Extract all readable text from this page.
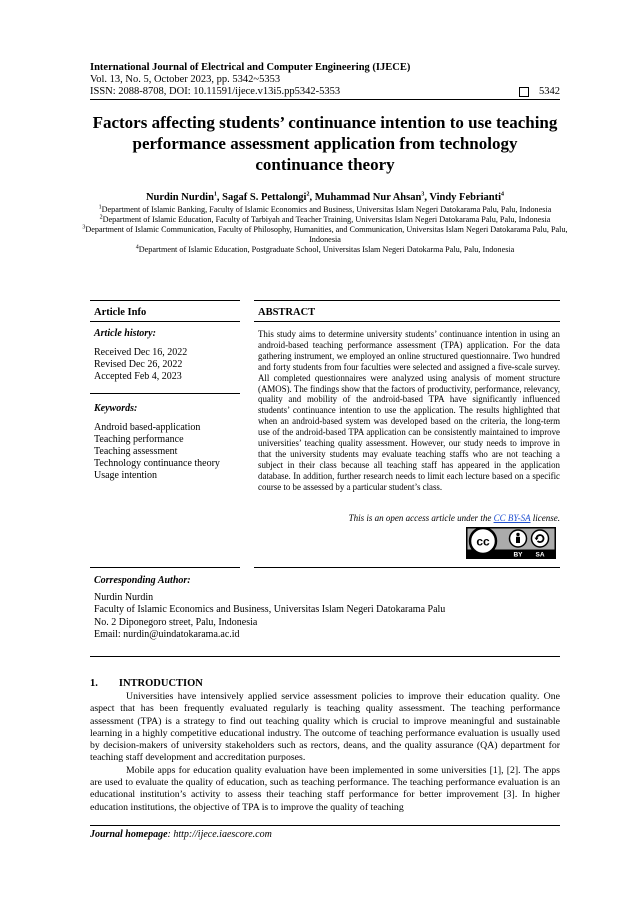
International Journal of Electrical and Computer Engineering (IJECE)
Vol. 13, No. 5, October 2023, pp. 5342~5353
ISSN: 2088-8708, DOI: 10.11591/ijece.v13i5.pp5342-5353	5342
Factors affecting students’ continuance intention to use teaching performance assessment application from technology continuance theory
Nurdin Nurdin$^1$, Sagaf S. Pettalongi$^2$, Muhammad Nur Ahsan$^3$, Vindy Febrianti$^4$
$^1$Department of Islamic Banking, Faculty of Islamic Economics and Business, Universitas Islam Negeri Datokarama Palu, Palu, Indonesia
$^2$Department of Islamic Education, Faculty of Tarbiyah and Teacher Training, Universitas Islam Negeri Datokarama Palu, Palu, Indonesia
$^3$Department of Islamic Communication, Faculty of Philosophy, Humanities, and Communication, Universitas Islam Negeri Datokarama Palu, Palu, Indonesia
$^4$Department of Islamic Education, Postgraduate School, Universitas Islam Negeri Datokarma Palu, Palu, Indonesia
Article Info	ABSTRACT
Article history:
Received Dec 16, 2022
Revised Dec 26, 2022
Accepted Feb 4, 2023
Keywords:
Android based-application
Teaching performance
Teaching assessment
Technology continuance theory
Usage intention
This study aims to determine university students’ continuance intention in using an android-based teaching performance assessment (TPA) application. For the data gathering instrument, we employed an online structured questionnaire. Two hundred and forty students from four faculties were selected and assigned a five-scale survey. All completed questionnaires were analyzed using analysis of moment structure (AMOS). The findings show that the factors of productivity, performance, relevancy, quality and mobility of the android-based TPA have significantly influenced students’ continuance intention to use the application. The results highlighted that when an android-based system was developed based on the criteria, the long-term use of the android-based TPA application can be consistently maintained to improve universities’ teaching quality assessment. However, our study needs to improve in that the university students may evaluate teaching staffs who are not teaching a subject in their class because all teaching staff has appeared in the application database. In addition, further research needs to limit each lecture based on a specific course to be assessed by a particular student’s class.
This is an open access article under the CC BY-SA license.
cc
BY SA
Corresponding Author:
Nurdin Nurdin
Faculty of Islamic Economics and Business, Universitas Islam Negeri Datokarama Palu
No. 2 Diponegoro street, Palu, Indonesia
Email: nurdin@uindatokarama.ac.id
1.  INTRODUCTION

Universities have intensively applied service assessment policies to improve their education quality. One aspect that has been frequently evaluated regularly is teaching quality assessment. The teaching performance assessment (TPA) is a strategy to find out teaching quality which is crucial to improve meaningful and sustainable learning in a highly competitive educational industry. The outcome of teaching performance evaluation is usually used by decision-makers of university stakeholders such as rectors, deans, and the quality assurance (QA) department for teaching staff development and accreditation purposes.

Mobile apps for education quality evaluation have been implemented in some universities [1], [2]. The apps are used to evaluate the quality of education, such as teaching performance. The teaching performance evaluation is an educational institution’s activity to assess their teaching staff performance for better improvement [3]. In higher education institutions, the objective of TPA is to improve the quality of teaching

Journal homepage: http://ijece.iaescore.com
